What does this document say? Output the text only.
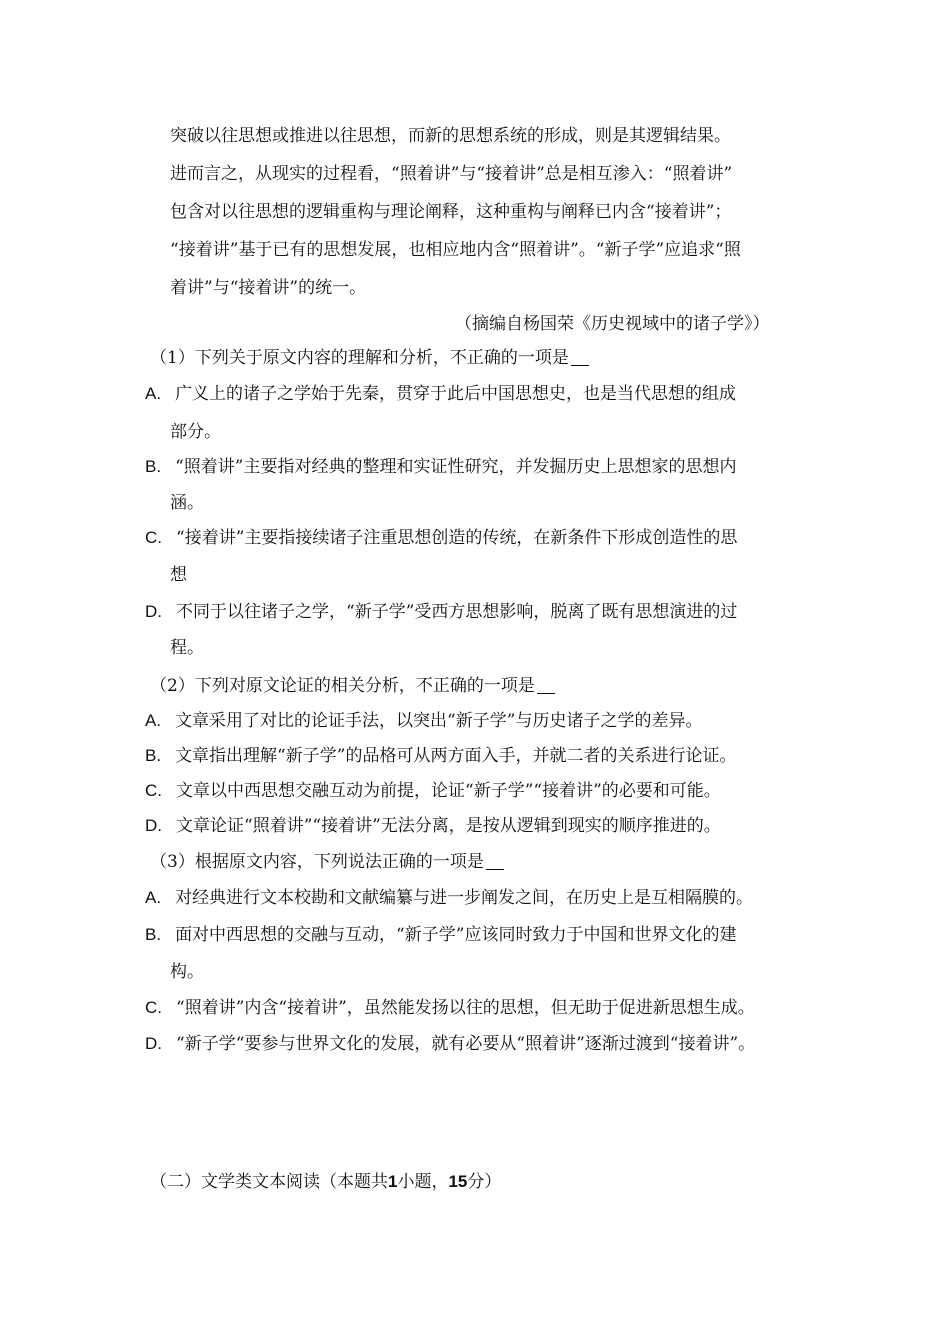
突破以往思想或推进以往思想，而新的思想系统的形成，则是其逻辑结果。
进而言之，从现实的过程看，“照着讲”与“接着讲”总是相互渗入：“照着讲”
包含对以往思想的逻辑重构与理论阐释，这种重构与阐释已内含“接着讲”；
“接着讲”基于已有的思想发展，也相应地内含“照着讲”。“新子学”应追求“照
着讲”与“接着讲”的统一。
（摘编自杨国荣《历史视域中的诸子学》）
（1）下列关于原文内容的理解和分析，不正确的一项是
A. 广义上的诸子之学始于先秦，贯穿于此后中国思想史，也是当代思想的组成
部分。
B. “照着讲”主要指对经典的整理和实证性研究，并发掘历史上思想家的思想内
涵。
C. “接着讲”主要指接续诸子注重思想创造的传统，在新条件下形成创造性的思
想
D. 不同于以往诸子之学，“新子学”受西方思想影响，脱离了既有思想演进的过
程。
（2）下列对原文论证的相关分析，不正确的一项是
A. 文章采用了对比的论证手法，以突出“新子学”与历史诸子之学的差异。
B. 文章指出理解“新子学”的品格可从两方面入手，并就二者的关系进行论证。
C. 文章以中西思想交融互动为前提，论证“新子学”“接着讲”的必要和可能。
D. 文章论证“照着讲”“接着讲”无法分离，是按从逻辑到现实的顺序推进的。
（3）根据原文内容，下列说法正确的一项是
A. 对经典进行文本校勘和文献编纂与进一步阐发之间，在历史上是互相隔膜的。
B. 面对中西思想的交融与互动，“新子学”应该同时致力于中国和世界文化的建
构。
C. “照着讲”内含“接着讲”，虽然能发扬以往的思想，但无助于促进新思想生成。
D. “新子学“要参与世界文化的发展，就有必要从“照着讲”逐渐过渡到“接着讲”。
（二）文学类文本阅读（本题共1小题，15分）
